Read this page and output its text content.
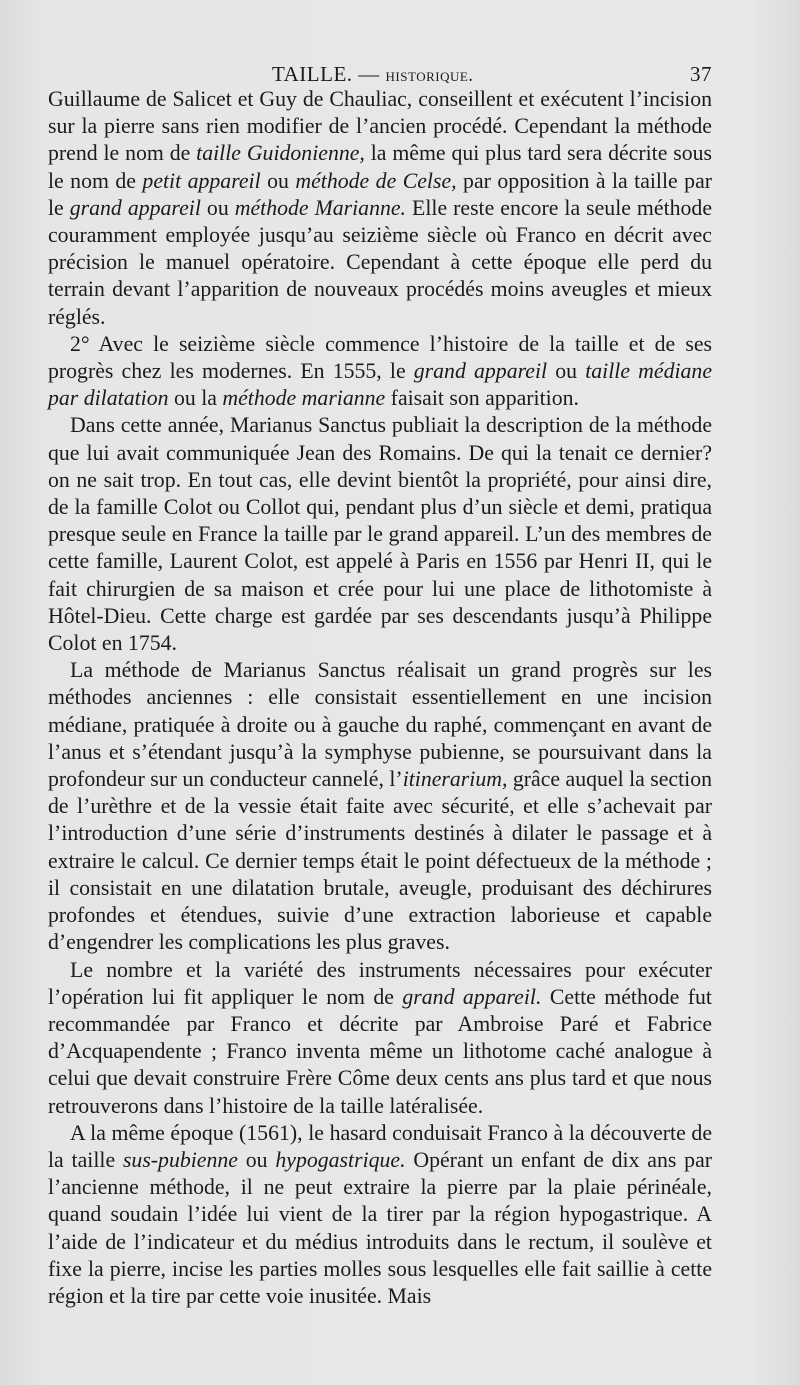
TAILLE. — historique.	37

Guillaume de Salicet et Guy de Chauliac, conseillent et exécutent l’incision sur la pierre sans rien modifier de l’ancien procédé. Cependant la méthode prend le nom de taille Guidonienne, la même qui plus tard sera décrite sous le nom de petit appareil ou méthode de Celse, par opposition à la taille par le grand appareil ou méthode Marianne. Elle reste encore la seule méthode couramment employée jusqu’au seizième siècle où Franco en décrit avec précision le manuel opératoire. Cependant à cette époque elle perd du terrain devant l’apparition de nouveaux procédés moins aveugles et mieux réglés.

2° Avec le seizième siècle commence l’histoire de la taille et de ses progrès chez les modernes. En 1555, le grand appareil ou taille médiane par dilatation ou la méthode marianne faisait son apparition.

Dans cette année, Marianus Sanctus publiait la description de la méthode que lui avait communiquée Jean des Romains. De qui la tenait ce dernier? on ne sait trop. En tout cas, elle devint bientôt la propriété, pour ainsi dire, de la famille Colot ou Collot qui, pendant plus d’un siècle et demi, pratiqua presque seule en France la taille par le grand appareil. L’un des membres de cette famille, Laurent Colot, est appelé à Paris en 1556 par Henri II, qui le fait chirurgien de sa maison et crée pour lui une place de lithotomiste à Hôtel-Dieu. Cette charge est gardée par ses descendants jusqu’à Philippe Colot en 1754.

La méthode de Marianus Sanctus réalisait un grand progrès sur les méthodes anciennes : elle consistait essentiellement en une incision médiane, pratiquée à droite ou à gauche du raphé, commençant en avant de l’anus et s’étendant jusqu’à la symphyse pubienne, se poursuivant dans la profondeur sur un conducteur cannelé, l’itinerarium, grâce auquel la section de l’urèthre et de la vessie était faite avec sécurité, et elle s’achevait par l’introduction d’une série d’instruments destinés à dilater le passage et à extraire le calcul. Ce dernier temps était le point défectueux de la méthode ; il consistait en une dilatation brutale, aveugle, produisant des déchirures profondes et étendues, suivie d’une extraction laborieuse et capable d’engendrer les complications les plus graves.

Le nombre et la variété des instruments nécessaires pour exécuter l’opération lui fit appliquer le nom de grand appareil. Cette méthode fut recommandée par Franco et décrite par Ambroise Paré et Fabrice d’Acquapendente ; Franco inventa même un lithotome caché analogue à celui que devait construire Frère Côme deux cents ans plus tard et que nous retrouverons dans l’histoire de la taille latéralisée.

A la même époque (1561), le hasard conduisait Franco à la découverte de la taille sus-pubienne ou hypogastrique. Opérant un enfant de dix ans par l’ancienne méthode, il ne peut extraire la pierre par la plaie périnéale, quand soudain l’idée lui vient de la tirer par la région hypogastrique. A l’aide de l’indicateur et du médius introduits dans le rectum, il soulève et fixe la pierre, incise les parties molles sous lesquelles elle fait saillie à cette région et la tire par cette voie inusitée. Mais
